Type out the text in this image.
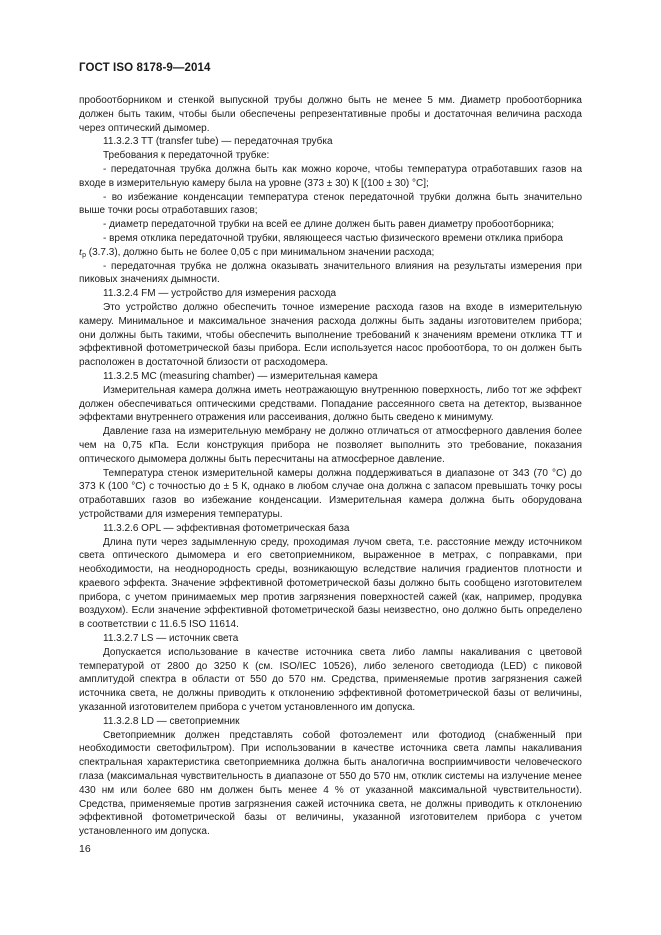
ГОСТ ISO 8178-9—2014

пробоотборником и стенкой выпускной трубы должно быть не менее 5 мм. Диаметр пробоотборника должен быть таким, чтобы были обеспечены репрезентативные пробы и достаточная величина расхода через оптический дымомер.

11.3.2.3 TT (transfer tube) — передаточная трубка

Требования к передаточной трубке:

- передаточная трубка должна быть как можно короче, чтобы температура отработавших газов на входе в измерительную камеру была на уровне (373 ± 30) К [(100 ± 30) °C];

- во избежание конденсации температура стенок передаточной трубки должна быть значительно выше точки росы отработавших газов;

- диаметр передаточной трубки на всей ее длине должен быть равен диаметру пробоотборника;

- время отклика передаточной трубки, являющееся частью физического времени отклика прибора

$t_p$ (3.7.3), должно быть не более 0,05 с при минимальном значении расхода;

- передаточная трубка не должна оказывать значительного влияния на результаты измерения при пиковых значениях дымности.

11.3.2.4 FM — устройство для измерения расхода

Это устройство должно обеспечить точное измерение расхода газов на входе в измерительную камеру. Минимальное и максимальное значения расхода должны быть заданы изготовителем прибора; они должны быть такими, чтобы обеспечить выполнение требований к значениям времени отклика TT и эффективной фотометрической базы прибора. Если используется насос пробоотбора, то он должен быть расположен в достаточной близости от расходомера.

11.3.2.5 MC (measuring chamber) — измерительная камера

Измерительная камера должна иметь неотражающую внутреннюю поверхность, либо тот же эффект должен обеспечиваться оптическими средствами. Попадание рассеянного света на детектор, вызванное эффектами внутреннего отражения или рассеивания, должно быть сведено к минимуму.

Давление газа на измерительную мембрану не должно отличаться от атмосферного давления более чем на 0,75 кПа. Если конструкция прибора не позволяет выполнить это требование, показания оптического дымомера должны быть пересчитаны на атмосферное давление.

Температура стенок измерительной камеры должна поддерживаться в диапазоне от 343 (70 °C) до 373 К (100 °C) с точностью до ± 5 К, однако в любом случае она должна с запасом превышать точку росы отработавших газов во избежание конденсации. Измерительная камера должна быть оборудована устройствами для измерения температуры.

11.3.2.6 OPL — эффективная фотометрическая база

Длина пути через задымленную среду, проходимая лучом света, т.е. расстояние между источником света оптического дымомера и его светоприемником, выраженное в метрах, с поправками, при необходимости, на неоднородность среды, возникающую вследствие наличия градиентов плотности и краевого эффекта. Значение эффективной фотометрической базы должно быть сообщено изготовителем прибора, с учетом принимаемых мер против загрязнения поверхностей сажей (как, например, продувка воздухом). Если значение эффективной фотометрической базы неизвестно, оно должно быть определено в соответствии с 11.6.5 ISO 11614.

11.3.2.7 LS — источник света

Допускается использование в качестве источника света либо лампы накаливания с цветовой температурой от 2800 до 3250 К (см. ISO/IEC 10526), либо зеленого светодиода (LED) с пиковой амплитудой спектра в области от 550 до 570 нм. Средства, применяемые против загрязнения сажей источника света, не должны приводить к отклонению эффективной фотометрической базы от величины, указанной изготовителем прибора с учетом установленного им допуска.

11.3.2.8 LD — светоприемник

Светоприемник должен представлять собой фотоэлемент или фотодиод (снабженный при необходимости светофильтром). При использовании в качестве источника света лампы накаливания спектральная характеристика светоприемника должна быть аналогична восприимчивости человеческого глаза (максимальная чувствительность в диапазоне от 550 до 570 нм, отклик системы на излучение менее 430 нм или более 680 нм должен быть менее 4 % от указанной максимальной чувствительности). Средства, применяемые против загрязнения сажей источника света, не должны приводить к отклонению эффективной фотометрической базы от величины, указанной изготовителем прибора с учетом установленного им допуска.

16
